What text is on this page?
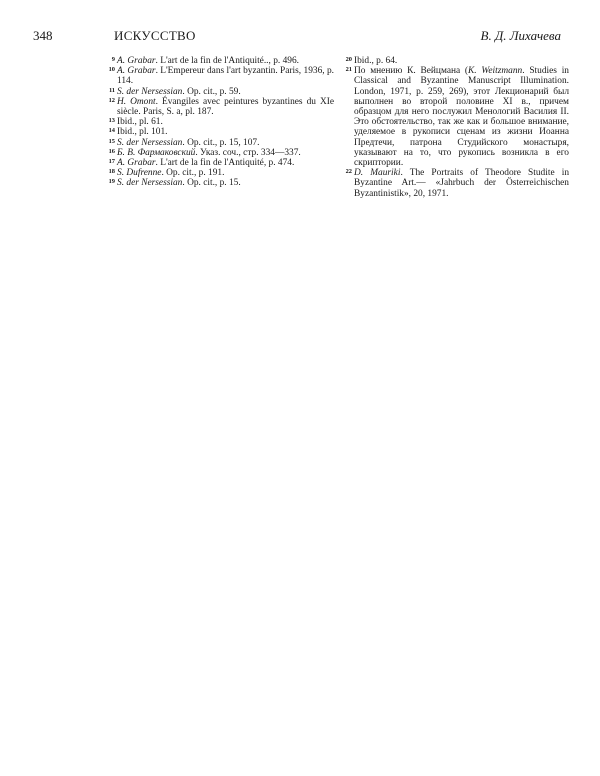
348	ИСКУССТВО	В. Д. Лихачева
9 A. Grabar. L'art de la fin de l'Antiquité.., p. 496.
10 A. Grabar. L'Empereur dans l'art byzantin. Paris, 1936, p. 114.
11 S. der Nersessian. Op. cit., p. 59.
12 H. Omont. Évangiles avec peintures byzantines du XIe siècle. Paris, S. a, pl. 187.
13 Ibid., pl. 61.
14 Ibid., pl. 101.
15 S. der Nersessian. Op. cit., p. 15, 107.
16 Б. В. Фармаковский. Указ. соч., стр. 334—337.
17 A. Grabar. L'art de la fin de l'Antiquité, p. 474.
18 S. Dufrenne. Op. cit., p. 191.
19 S. der Nersessian. Op. cit., p. 15.
20 Ibid., p. 64.
21 По мнению К. Вейцмана (K. Weitzmann. Studies in Classical and Byzantine Manuscript Illumination. London, 1971, p. 259, 269), этот Лекционарий был выполнен во второй половине XI в., причем образцом для него послужил Менологий Василия II. Это обстоятельство, так же как и большое внимание, уделяемое в рукописи сценам из жизни Иоанна Предтечи, патрона Студийского монастыря, указывают на то, что рукопись возникла в его скриптории.
22 D. Mauriki. The Portraits of Theodore Studite in Byzantine Art.— «Jahrbuch der Österreichischen Byzantinistik», 20, 1971.
